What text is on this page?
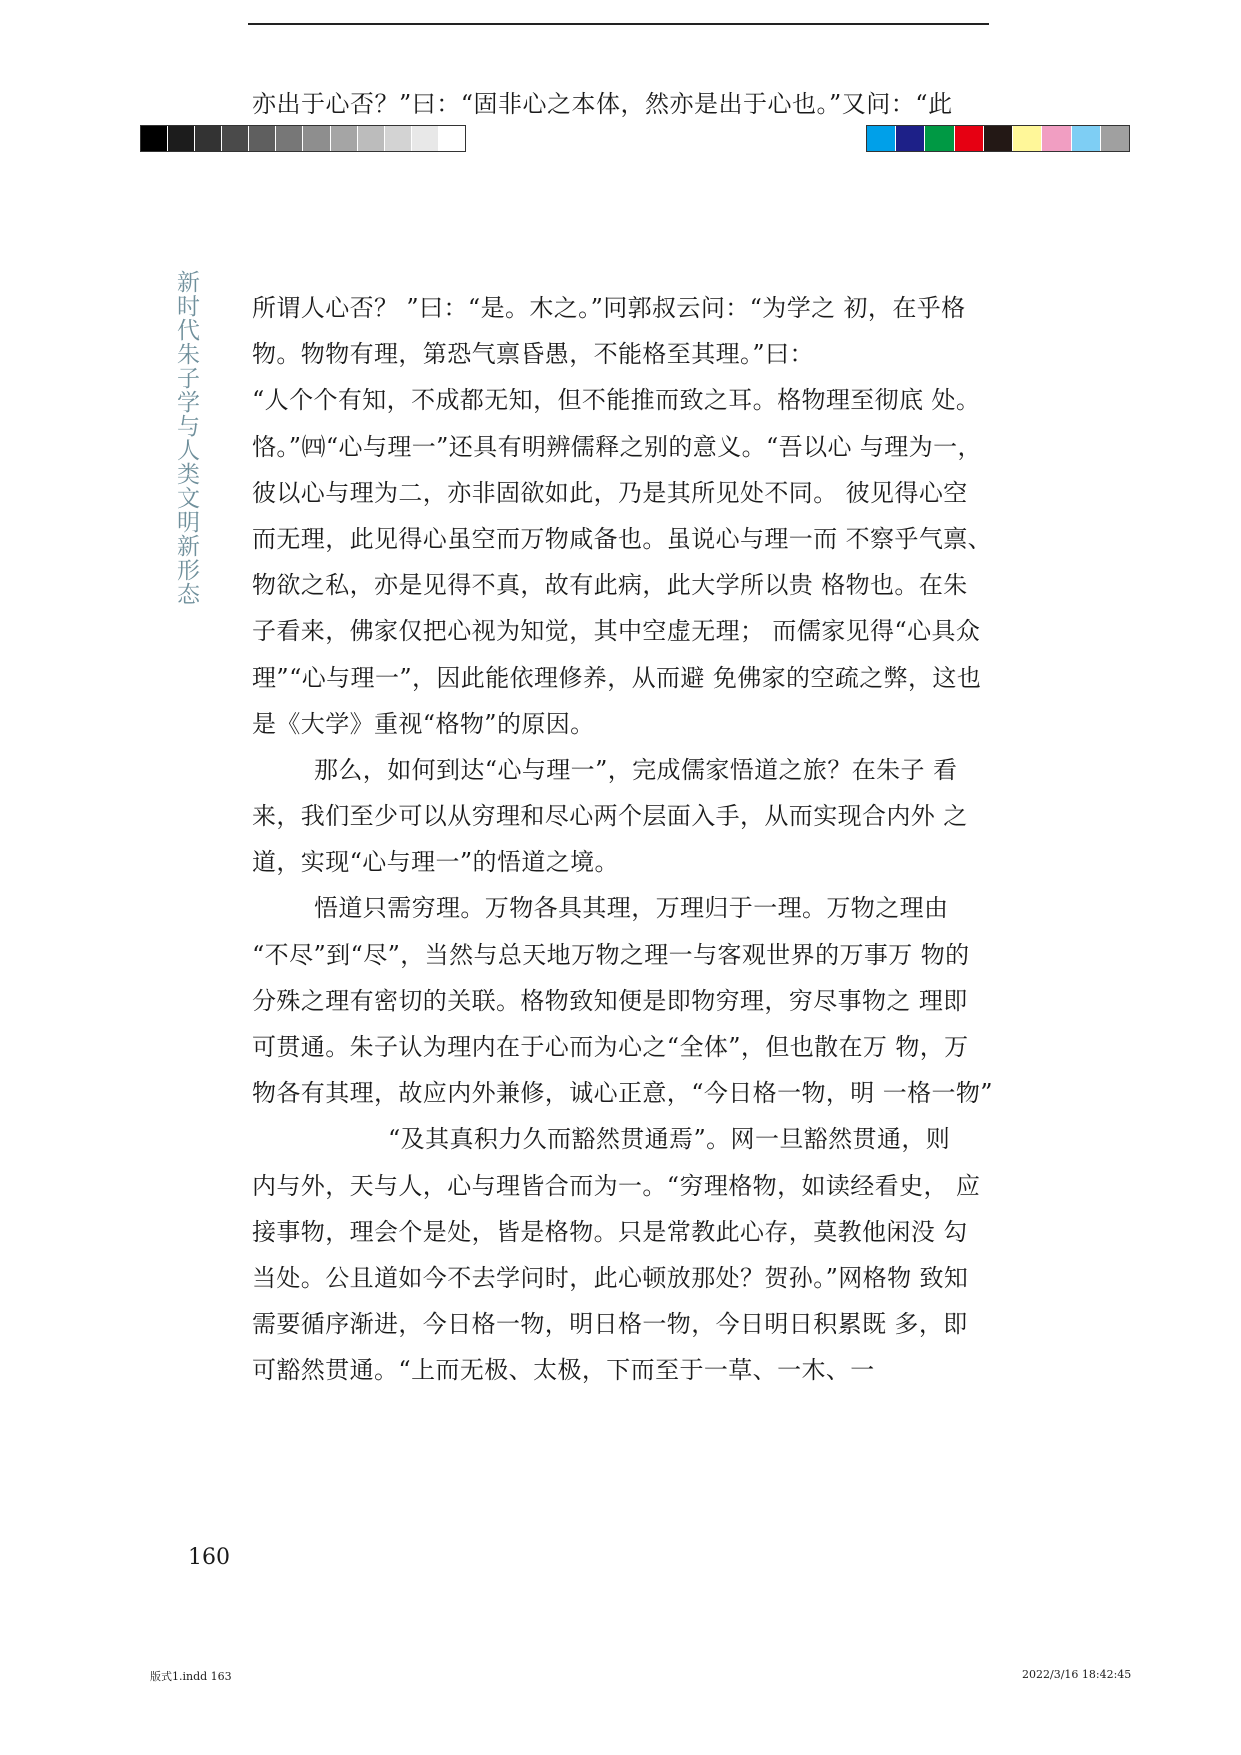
亦出于心否？”曰：“固非心之本体，然亦是出于心也。”又问：“此
新时代朱子学与人类文明新形态 所谓人心否？ ”曰：“是。木之。”冋郭叔云问：“为学之 初，在乎格
物。物物有理，第恐气禀昏愚，不能格至其理。”曰：
“人个个有知，不成都无知，但不能推而致之耳。格物理至彻底 处。
恪。”㈣“心与理一”还具有明辨儒释之别的意义。“吾以心 与理为一，
彼以心与理为二，亦非固欲如此，乃是其所见处不同。 彼见得心空
而无理，此见得心虽空而万物咸备也。虽说心与理一而 不察乎气禀、
物欲之私，亦是见得不真，故有此病，此大学所以贵 格物也。在朱
子看来，佛家仅把心视为知觉，其中空虚无理； 而儒家见得“心具众
理”“心与理一”，因此能依理修养，从而避 免佛家的空疏之弊，这也
是《大学》重视“格物”的原因。
那么，如何到达“心与理一”，完成儒家悟道之旅？在朱子 看
来，我们至少可以从穷理和尽心两个层面入手，从而实现合内外 之
道，实现“心与理一”的悟道之境。
悟道只需穷理。万物各具其理，万理归于一理。万物之理由
“不尽”到“尽”，当然与总天地万物之理一与客观世界的万事万 物的
分殊之理有密切的关联。格物致知便是即物穷理，穷尽事物之 理即
可贯通。朱子认为理内在于心而为心之“全体”，但也散在万 物，万
物各有其理，故应内外兼修，诚心正意，“今日格一物，明 一格一物”
“及其真积力久而豁然贯通焉”。网一旦豁然贯通，则
内与外，天与人，心与理皆合而为一。“穷理格物，如读经看史， 应
接事物，理会个是处，皆是格物。只是常教此心存，莫教他闲没 勾
当处。公且道如今不去学问时，此心顿放那处？贺孙。”网格物 致知
需要循序渐进，今日格一物，明日格一物，今日明日积累既 多，即
可豁然贯通。“上而无极、太极，下而至于一草、一木、一
160
版式1.indd 163	2022/3/16 18:42:45
